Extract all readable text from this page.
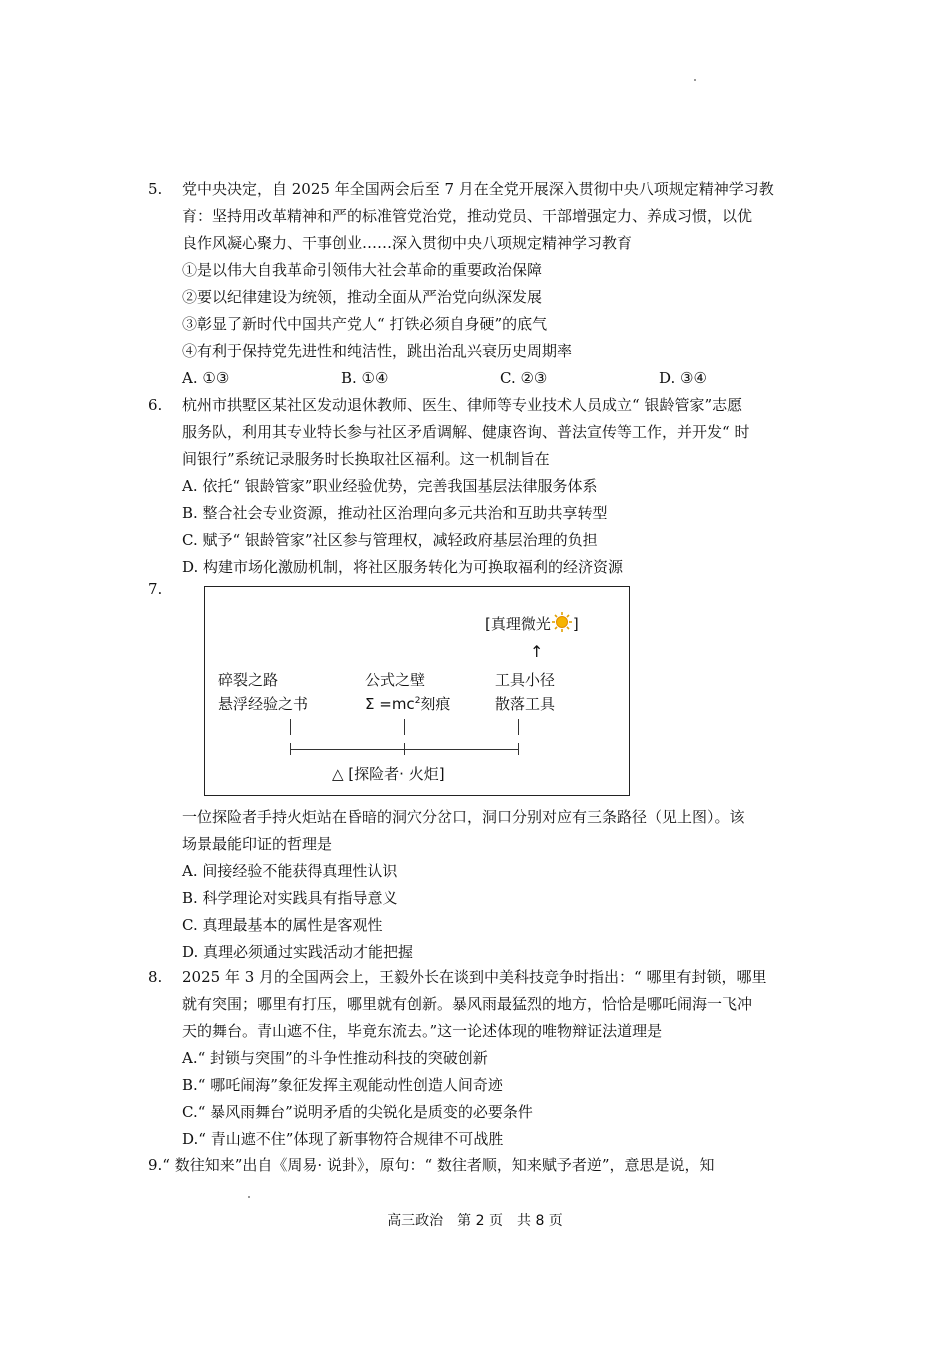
5. 党中央决定，自 2025 年全国两会后至 7 月在全党开展深入贯彻中央八项规定精神学习教
育：坚持用改革精神和严的标准管党治党，推动党员、干部增强定力、养成习惯，以优
良作风凝心聚力、干事创业……深入贯彻中央八项规定精神学习教育
①是以伟大自我革命引领伟大社会革命的重要政治保障
②要以纪律建设为统领，推动全面从严治党向纵深发展
③彰显了新时代中国共产党人“ 打铁必须自身硬”的底气
④有利于保持党先进性和纯洁性，跳出治乱兴衰历史周期率
A. ①③	B. ①④	C. ②③	D. ③④
6. 杭州市拱墅区某社区发动退休教师、医生、律师等专业技术人员成立“ 银龄管家”志愿
服务队，利用其专业特长参与社区矛盾调解、健康咨询、普法宣传等工作，并开发“ 时
间银行”系统记录服务时长换取社区福利。这一机制旨在
A. 依托“ 银龄管家”职业经验优势，完善我国基层法律服务体系
B. 整合社会专业资源，推动社区治理向多元共治和互助共享转型
C. 赋予“ 银龄管家”社区参与管理权，减轻政府基层治理的负担
D. 构建市场化激励机制，将社区服务转化为可换取福利的经济资源
7.
[真理微光 ]
↑
碎裂之路
悬浮经验之书
公式之壁
$\Sigma =mc^2$刻痕
工具小径
散落工具
△ [探险者· 火炬]
一位探险者手持火炬站在昏暗的洞穴分岔口，洞口分别对应有三条路径（见上图）。该
场景最能印证的哲理是
A. 间接经验不能获得真理性认识
B. 科学理论对实践具有指导意义
C. 真理最基本的属性是客观性
D. 真理必须通过实践活动才能把握
8. 2025 年 3 月的全国两会上，王毅外长在谈到中美科技竞争时指出：“ 哪里有封锁，哪里
就有突围；哪里有打压，哪里就有创新。暴风雨最猛烈的地方，恰恰是哪吒闹海一飞冲
天的舞台。青山遮不住，毕竟东流去。”这一论述体现的唯物辩证法道理是
A.“ 封锁与突围”的斗争性推动科技的突破创新
B.“ 哪吒闹海”象征发挥主观能动性创造人间奇迹
C.“ 暴风雨舞台”说明矛盾的尖锐化是质变的必要条件
D.“ 青山遮不住”体现了新事物符合规律不可战胜
9.“ 数往知来”出自《周易· 说卦》，原句：“ 数往者顺，知来赋予者逆”，意思是说，知
高三政治　第 2 页　共 8 页
